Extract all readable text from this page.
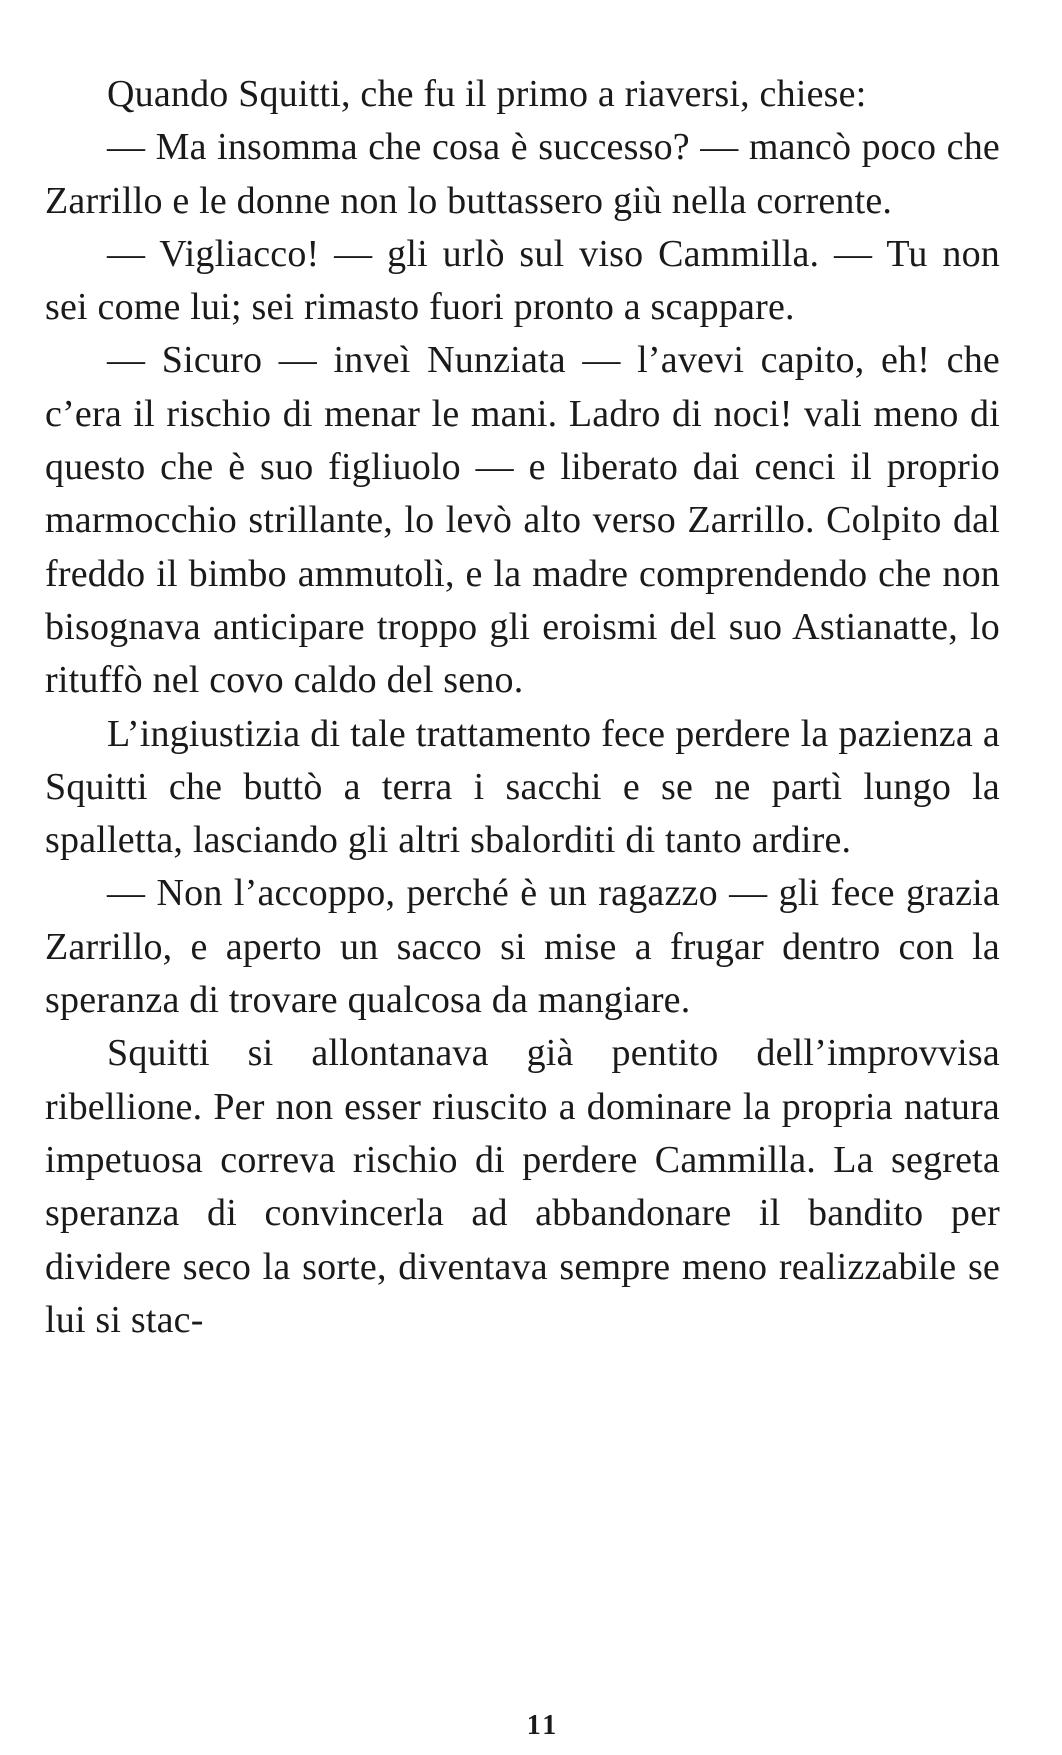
Quando Squitti, che fu il primo a riaversi, chiese:

— Ma insomma che cosa è successo? — mancò poco che Zarrillo e le donne non lo buttassero giù nella corrente.

— Vigliacco! — gli urlò sul viso Cammilla. — Tu non sei come lui; sei rimasto fuori pronto a scappare.

— Sicuro — inveì Nunziata — l’avevi capito, eh! che c’era il rischio di menar le mani. Ladro di noci! vali meno di questo che è suo figliuolo — e liberato dai cenci il proprio marmocchio strillante, lo levò alto verso Zarrillo. Colpito dal freddo il bimbo ammutolì, e la madre comprendendo che non bisognava anticipare troppo gli eroismi del suo Astianatte, lo rituffò nel covo caldo del seno.

L’ingiustizia di tale trattamento fece perdere la pazienza a Squitti che buttò a terra i sacchi e se ne partì lungo la spalletta, lasciando gli altri sbalorditi di tanto ardire.

— Non l’accoppo, perché è un ragazzo — gli fece grazia Zarrillo, e aperto un sacco si mise a frugar dentro con la speranza di trovare qualcosa da mangiare.

Squitti si allontanava già pentito dell’improvvisa ribellione. Per non esser riuscito a dominare la propria natura impetuosa correva rischio di perdere Cammilla. La segreta speranza di convincerla ad abbandonare il bandito per dividere seco la sorte, diventava sempre meno realizzabile se lui si stac-

11
